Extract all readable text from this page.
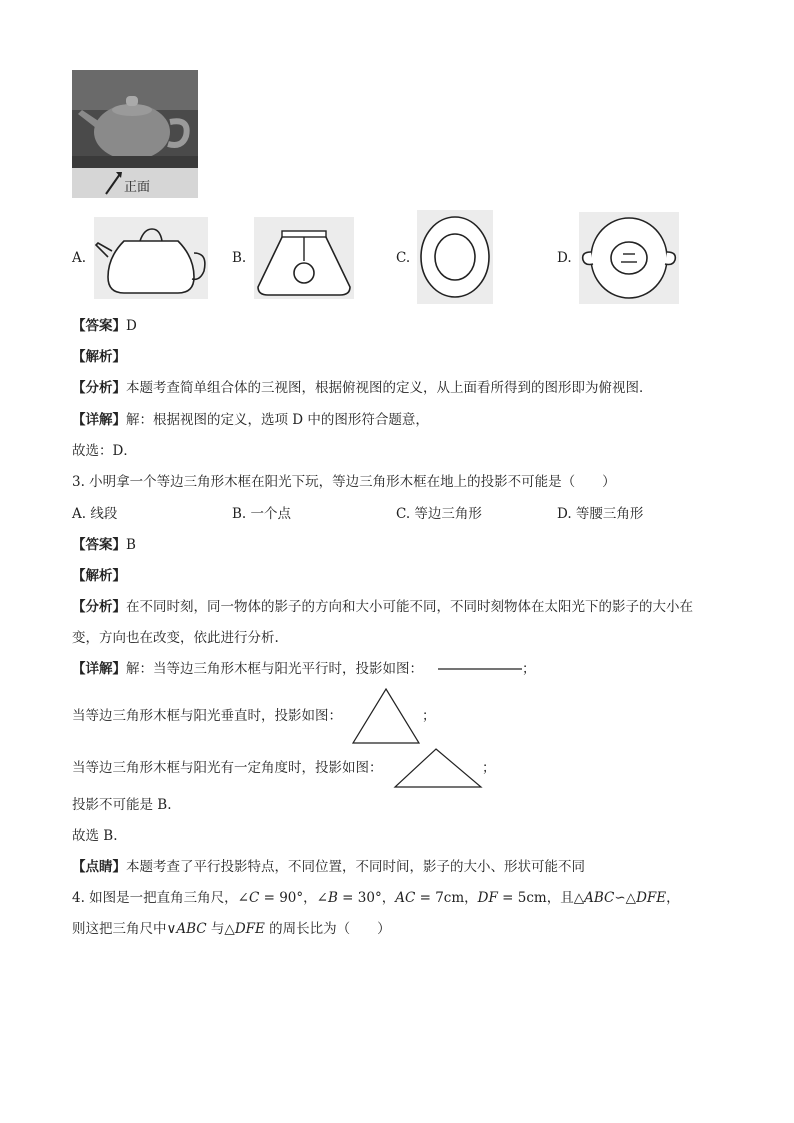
正面
A.	B.	C.	D.
【答案】D
【解析】
【分析】本题考查简单组合体的三视图，根据俯视图的定义，从上面看所得到的图形即为俯视图．
【详解】解：根据视图的定义，选项 D 中的图形符合题意，
故选：D．
3. 小明拿一个等边三角形木框在阳光下玩，等边三角形木框在地上的投影不可能是（　　）
A. 线段	B. 一个点	C. 等边三角形	D. 等腰三角形
【答案】B
【解析】
【分析】在不同时刻，同一物体的影子的方向和大小可能不同，不同时刻物体在太阳光下的影子的大小在
变，方向也在改变，依此进行分析.
【详解】解：当等边三角形木框与阳光平行时，投影如图：	；
当等边三角形木框与阳光垂直时，投影如图：	；
当等边三角形木框与阳光有一定角度时，投影如图：	；
投影不可能是 B.
故选 B.
【点睛】本题考查了平行投影特点，不同位置，不同时间，影子的大小、形状可能不同
4. 如图是一把直角三角尺，∠C = 90°，∠B = 30°，AC = 7cm，DF = 5cm，且△ABC∽△DFE，
则这把三角尺中∨ABC 与△DFE 的周长比为（　　）
